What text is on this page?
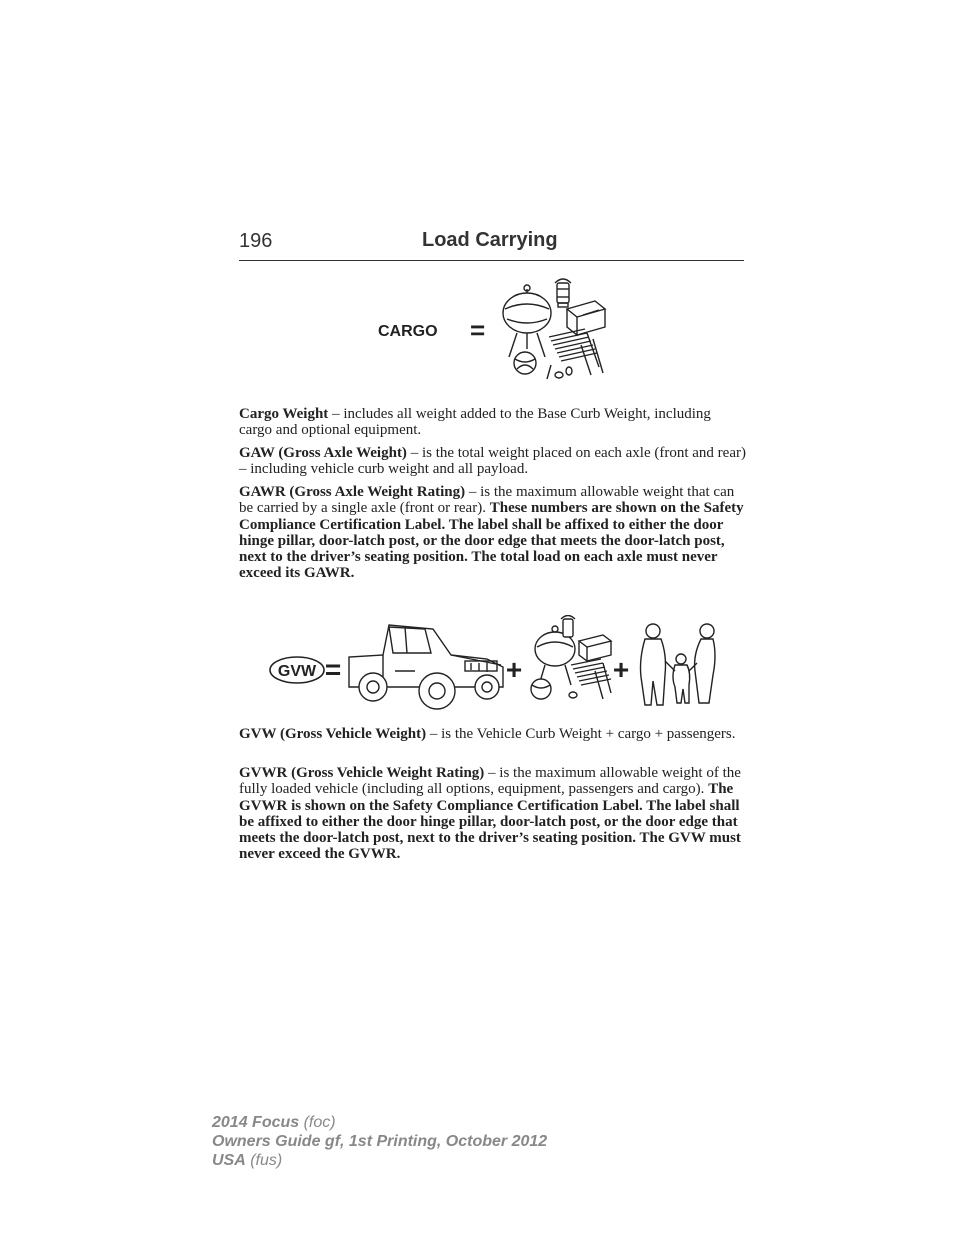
196	Load Carrying
CARGO =
Cargo Weight – includes all weight added to the Base Curb Weight, including cargo and optional equipment.
GAW (Gross Axle Weight) – is the total weight placed on each axle (front and rear) – including vehicle curb weight and all payload.
GAWR (Gross Axle Weight Rating) – is the maximum allowable weight that can be carried by a single axle (front or rear). These numbers are shown on the Safety Compliance Certification Label. The label shall be affixed to either the door hinge pillar, door-latch post, or the door edge that meets the door-latch post, next to the driver’s seating position. The total load on each axle must never exceed its GAWR.
GVW =	+	+
GVW (Gross Vehicle Weight) – is the Vehicle Curb Weight + cargo + passengers.
GVWR (Gross Vehicle Weight Rating) – is the maximum allowable weight of the fully loaded vehicle (including all options, equipment, passengers and cargo). The GVWR is shown on the Safety Compliance Certification Label. The label shall be affixed to either the door hinge pillar, door-latch post, or the door edge that meets the door-latch post, next to the driver’s seating position. The GVW must never exceed the GVWR.
2014 Focus (foc)
Owners Guide gf, 1st Printing, October 2012
USA (fus)
